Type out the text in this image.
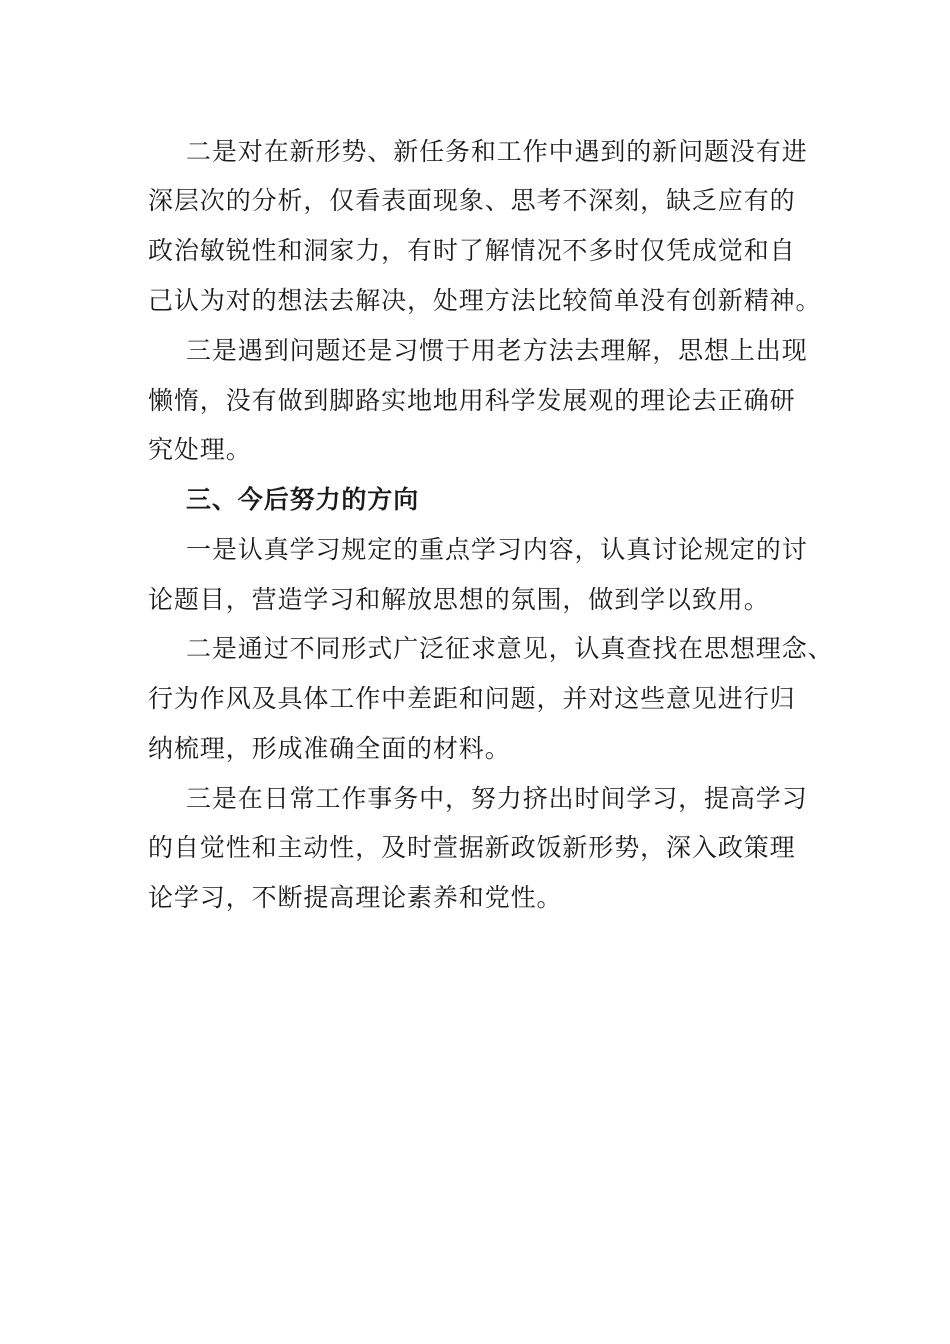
二是对在新形势、新任务和工作中遇到的新问题没有进
深层次的分析，仅看表面现象、思考不深刻，缺乏应有的
政治敏锐性和洞家力，有时了解情况不多时仅凭成觉和自
己认为对的想法去解决，处理方法比较简单没有创新精神。
三是遇到问题还是习惯于用老方法去理解，思想上出现
懒惰，没有做到脚路实地地用科学发展观的理论去正确研
究处理。
三、今后努力的方向
一是认真学习规定的重点学习内容，认真讨论规定的讨
论题目，营造学习和解放思想的氛围，做到学以致用。
二是通过不同形式广泛征求意见，认真查找在思想理念、
行为作风及具体工作中差距和问题，并对这些意见进行归
纳梳理，形成准确全面的材料。
三是在日常工作事务中，努力挤出时间学习，提高学习
的自觉性和主动性，及时萱据新政饭新形势，深入政策理
论学习，不断提高理论素养和党性。
